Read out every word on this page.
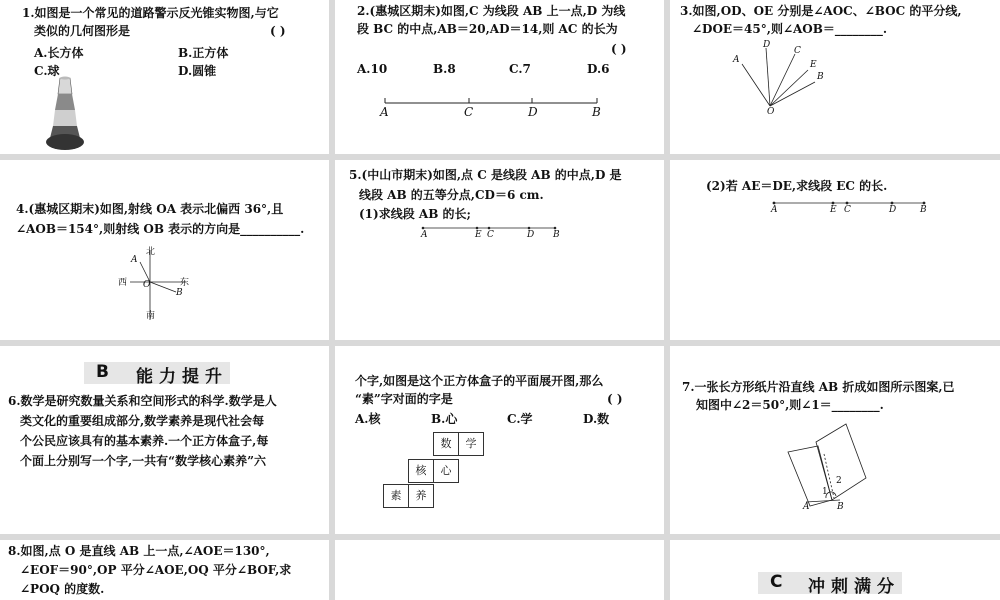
1.如图是一个常见的道路警示反光锥实物图,与它
类似的几何图形是	( )
A.长方体	B.正方体
C.球	D.圆锥
2.(惠城区期末)如图,C 为线段 AB 上一点,D 为线
段 BC 的中点,AB＝20,AD＝14,则 AC 的长为
( )
A.10	B.8	C.7	D.6
A	C	D	B
3.如图,OD、OE 分别是∠AOC、∠BOC 的平分线,
∠DOE＝45°,则∠AOB＝________.
D
C
A	E
B
O
4.(惠城区期末)如图,射线 OA 表示北偏西 36°,且
∠AOB＝154°,则射线 OB 表示的方向是__________.
北
南
西	东
A
B
O
5.(中山市期末)如图,点 C 是线段 AB 的中点,D 是
线段 AB 的五等分点,CD＝6 cm.
(1)求线段 AB 的长;
A	E C	D B
(2)若 AE＝DE,求线段 EC 的长.
A	E C	D	B
B 能力提升
6.数学是研究数量关系和空间形式的科学.数学是人
类文化的重要组成部分,数学素养是现代社会每
个公民应该具有的基本素养.一个正方体盒子,每
个面上分别写一个字,一共有“数学核心素养”六
个字,如图是这个正方体盒子的平面展开图,那么
“素”字对面的字是	( )
A.核	B.心	C.学	D.数
数	学
核	心
素	养
7.一张长方形纸片沿直线 AB 折成如图所示图案,已
知图中∠2＝50°,则∠1＝________.
A	B
1
2
8.如图,点 O 是直线 AB 上一点,∠AOE＝130°,
∠EOF＝90°,OP 平分∠AOE,OQ 平分∠BOF,求
∠POQ 的度数.	C 冲刺满分
